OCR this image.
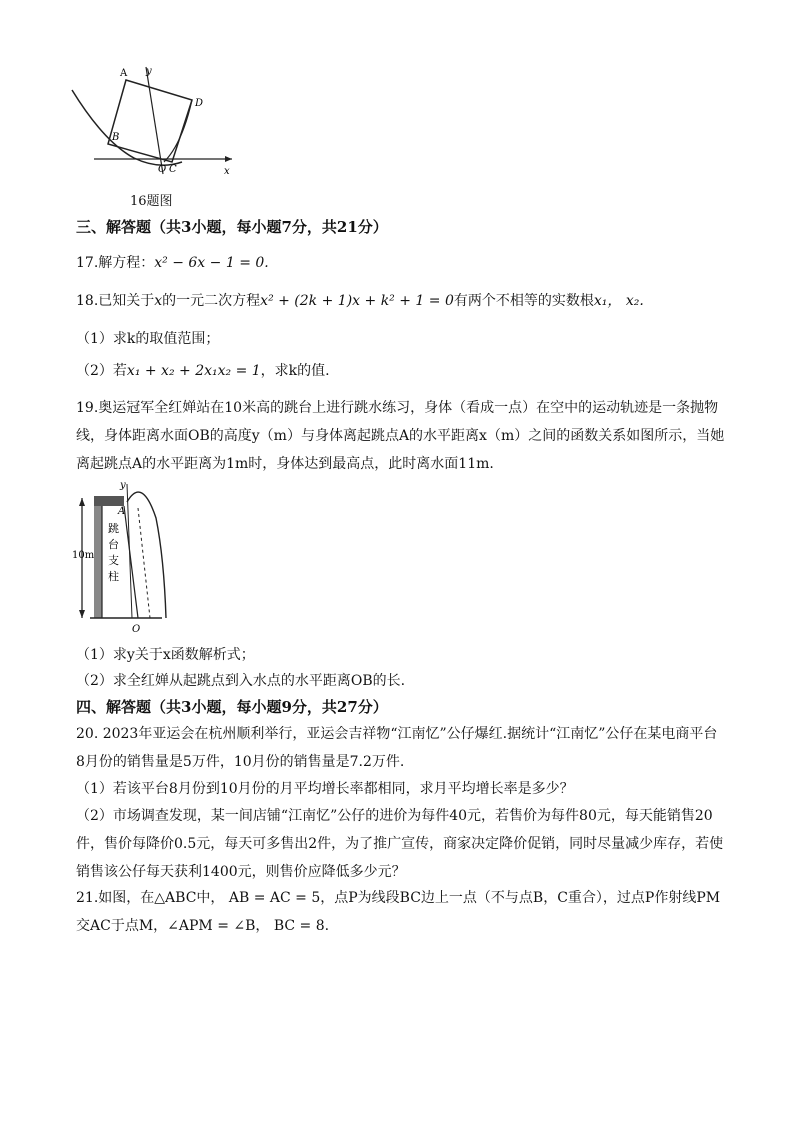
A y
D
B
O C	x
16题图
三、解答题（共3小题，每小题7分，共21分）
17.解方程：x² − 6x − 1 = 0.
18.已知关于x的一元二次方程x² + (2k + 1)x + k² + 1 = 0有两个不相等的实数根x₁， x₂.
（1）求k的取值范围；
（2）若x₁ + x₂ + 2x₁x₂ = 1，求k的值.
19.奥运冠军全红婵站在10米高的跳台上进行跳水练习，身体（看成一点）在空中的运动轨迹是一条抛物线，身体距离水面OB的高度y（m）与身体离起跳点A的水平距离x（m）之间的函数关系如图所示，当她离起跳点A的水平距离为1m时，身体达到最高点，此时离水面11m.
10m
跳
台
支
柱
y
A
O
（1）求y关于x函数解析式；
（2）求全红婵从起跳点到入水点的水平距离OB的长.
四、解答题（共3小题，每小题9分，共27分）
20. 2023年亚运会在杭州顺利举行，亚运会吉祥物“江南忆”公仔爆红.据统计“江南忆”公仔在某电商平台8月份的销售量是5万件，10月份的销售量是7.2万件.
（1）若该平台8月份到10月份的月平均增长率都相同，求月平均增长率是多少？
（2）市场调查发现，某一间店铺“江南忆”公仔的进价为每件40元，若售价为每件80元，每天能销售20件，售价每降价0.5元，每天可多售出2件，为了推广宣传，商家决定降价促销，同时尽量减少库存，若使销售该公仔每天获利1400元，则售价应降低多少元？
21.如图，在△ABC中， AB = AC = 5，点P为线段BC边上一点（不与点B，C重合），过点P作射线PM交AC于点M，∠APM = ∠B， BC = 8.
